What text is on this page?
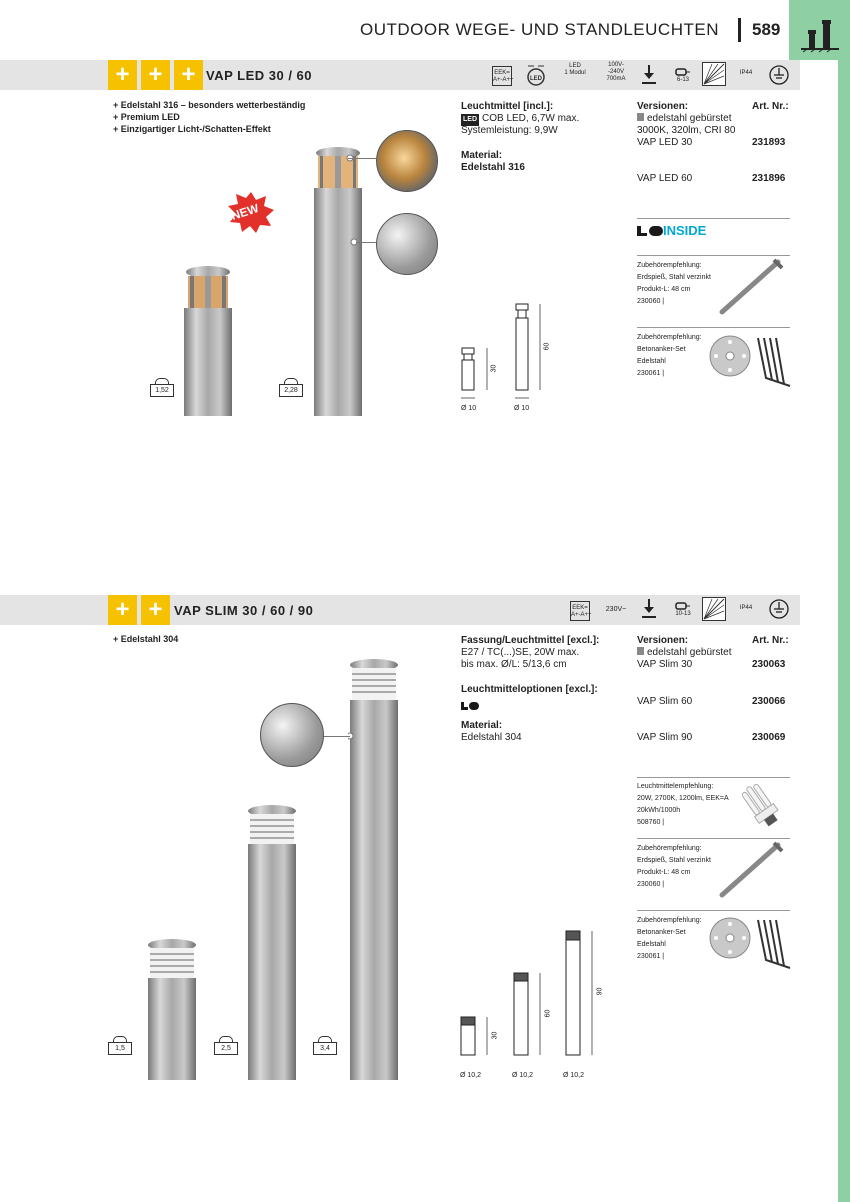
OUTDOOR WEGE- UND STANDLEUCHTEN 589
+ + + VAP LED 30 / 60	EEK=
A+-A++	LED
LED
1 Modul
100V-
-240V
700mA	6-13
IP44
+ Edelstahl 316 – besonders wetterbeständig
+ Premium LED
+ Einzigartiger Licht-/Schatten-Effekt
NEW
1,52	2,28
Leuchtmittel [incl.]:
LED COB LED, 6,7W max.
Systemleistung: 9,9W
Material:
Edelstahl 316
30
60
Ø 10	Ø 10
Versionen:	Art. Nr.:
edelstahl gebürstet
3000K, 320lm, CRI 80
VAP LED 30	231893
VAP LED 60	231896
INSIDE
Zubehörempfehlung:
Erdspieß, Stahl verzinkt
Produkt-L: 48 cm
230060 |
Zubehörempfehlung:
Betonanker-Set
Edelstahl
230061 |
+ + VAP SLIM 30 / 60 / 90	EEK=
A+-A++
230V~
10-13
IP44
+ Edelstahl 304
1,5	2,5	3,4
Fassung/Leuchtmittel [excl.]:
E27 / TC(...)SE, 20W max.
bis max. Ø/L: 5/13,6 cm
Leuchtmitteloptionen [excl.]:
Material:
Edelstahl 304
30
60
90
Ø 10,2	Ø 10,2	Ø 10,2
Versionen:	Art. Nr.:
edelstahl gebürstet
VAP Slim 30	230063
VAP Slim 60	230066
VAP Slim 90	230069
Leuchtmittelempfehlung:
20W, 2700K, 1200lm, EEK=A
20kWh/1000h
508760 |
Zubehörempfehlung:
Erdspieß, Stahl verzinkt
Produkt-L: 48 cm
230060 |
Zubehörempfehlung:
Betonanker-Set
Edelstahl
230061 |
